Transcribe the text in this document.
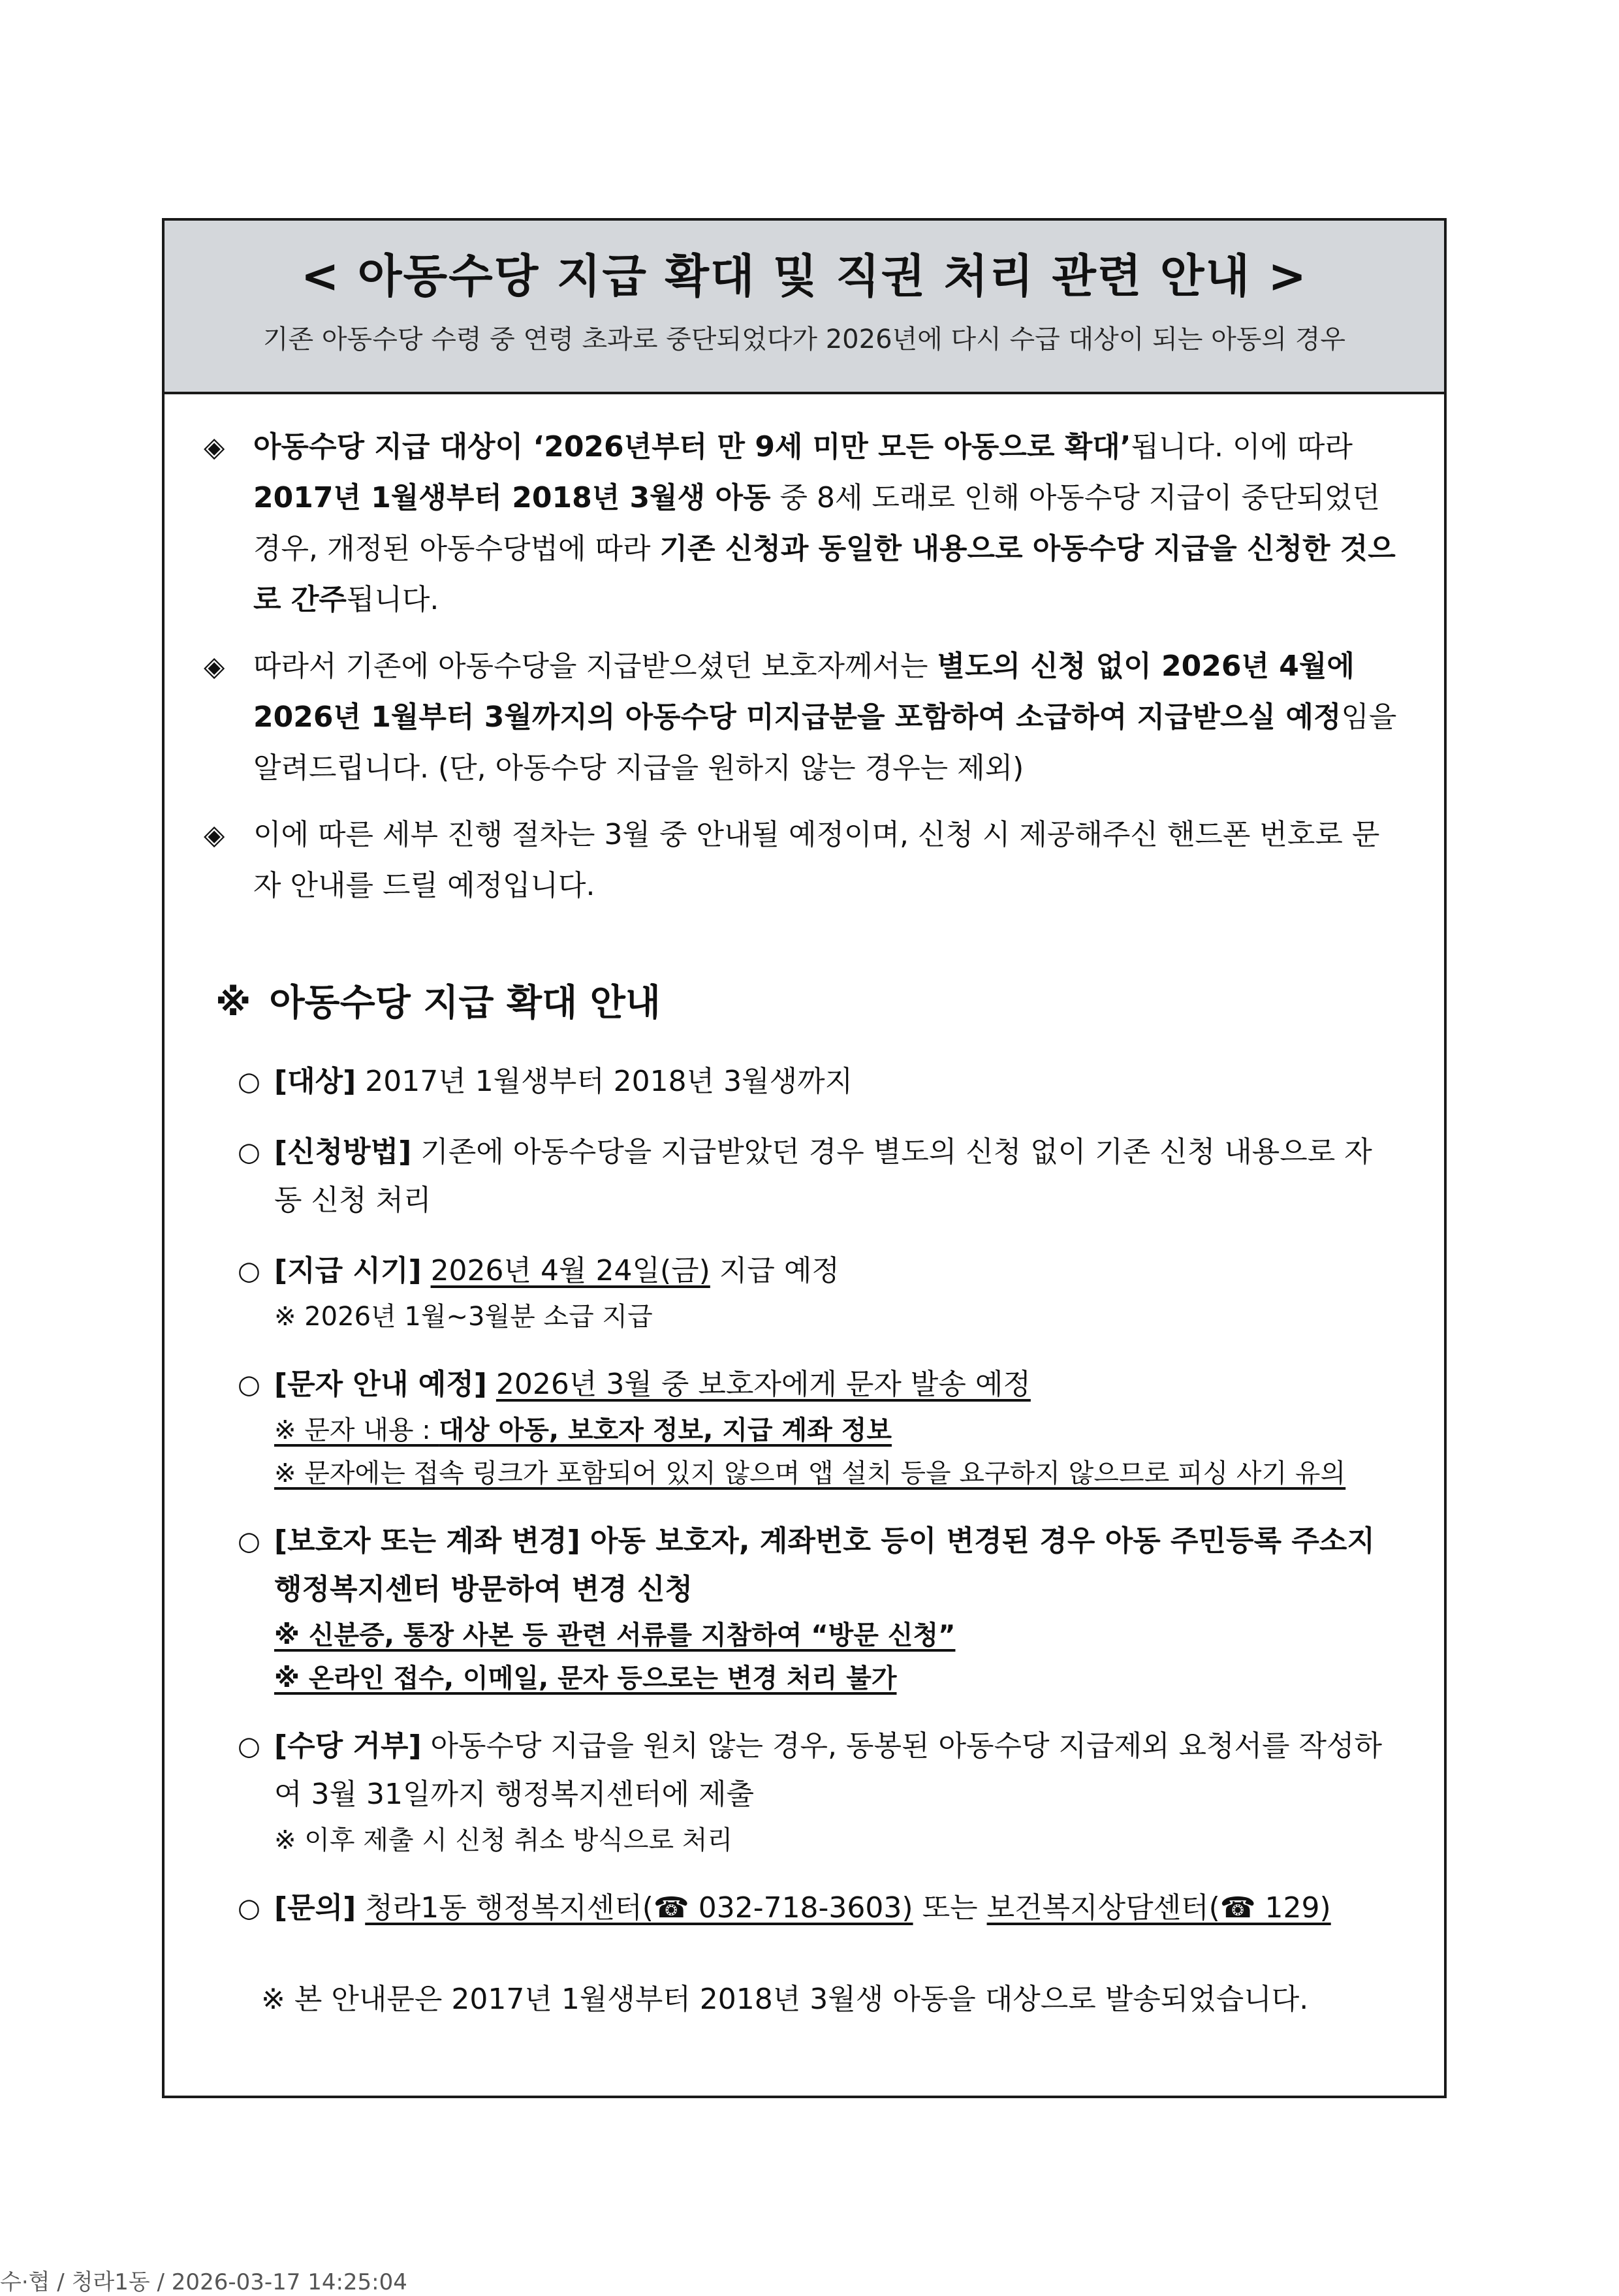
< 아동수당 지급 확대 및 직권 처리 관련 안내 >
기존 아동수당 수령 중 연령 초과로 중단되었다가 2026년에 다시 수급 대상이 되는 아동의 경우
◈ 아동수당 지급 대상이 ‘2026년부터 만 9세 미만 모든 아동으로 확대’됩니다. 이에 따라 2017년 1월생부터 2018년 3월생 아동 중 8세 도래로 인해 아동수당 지급이 중단되었던 경우, 개정된 아동수당법에 따라 기존 신청과 동일한 내용으로 아동수당 지급을 신청한 것으로 간주됩니다.
◈ 따라서 기존에 아동수당을 지급받으셨던 보호자께서는 별도의 신청 없이 2026년 4월에 2026년 1월부터 3월까지의 아동수당 미지급분을 포함하여 소급하여 지급받으실 예정임을 알려드립니다. (단, 아동수당 지급을 원하지 않는 경우는 제외)
◈ 이에 따른 세부 진행 절차는 3월 중 안내될 예정이며, 신청 시 제공해주신 핸드폰 번호로 문자 안내를 드릴 예정입니다.
※ 아동수당 지급 확대 안내
○ [대상] 2017년 1월생부터 2018년 3월생까지
○ [신청방법] 기존에 아동수당을 지급받았던 경우 별도의 신청 없이 기존 신청 내용으로 자동 신청 처리
○ [지급 시기] 2026년 4월 24일(금) 지급 예정
※ 2026년 1월~3월분 소급 지급
○ [문자 안내 예정] 2026년 3월 중 보호자에게 문자 발송 예정
※ 문자 내용 : 대상 아동, 보호자 정보, 지급 계좌 정보
※ 문자에는 접속 링크가 포함되어 있지 않으며 앱 설치 등을 요구하지 않으므로 피싱 사기 유의
○ [보호자 또는 계좌 변경] 아동 보호자, 계좌번호 등이 변경된 경우 아동 주민등록 주소지 행정복지센터 방문하여 변경 신청
※ 신분증, 통장 사본 등 관련 서류를 지참하여 “방문 신청”
※ 온라인 접수, 이메일, 문자 등으로는 변경 처리 불가
○ [수당 거부] 아동수당 지급을 원치 않는 경우, 동봉된 아동수당 지급제외 요청서를 작성하여 3월 31일까지 행정복지센터에 제출
※ 이후 제출 시 신청 취소 방식으로 처리
○ [문의] 청라1동 행정복지센터(☎ 032-718-3603) 또는 보건복지상담센터(☎ 129)
※ 본 안내문은 2017년 1월생부터 2018년 3월생 아동을 대상으로 발송되었습니다.
수·협 / 청라1동 / 2026-03-17 14:25:04
